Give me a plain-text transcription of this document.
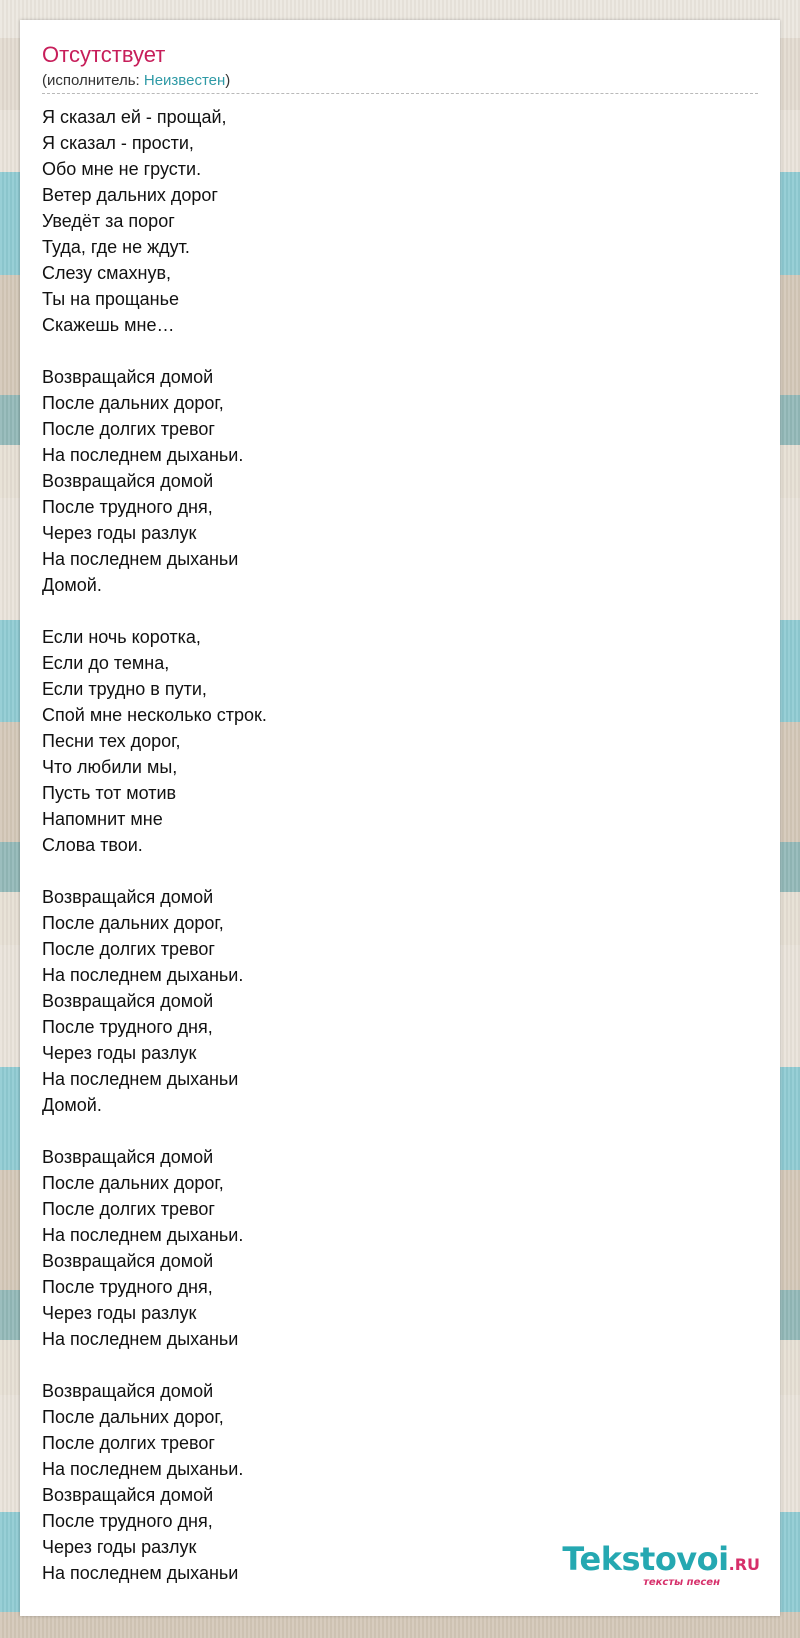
Отсутствует
(исполнитель: Неизвестен)
Я сказал ей - прощай,
Я сказал - прости,
Обо мне не грусти.
Ветер дальних дорог
Уведёт за порог
Туда, где не ждут.
Слезу смахнув,
Ты на прощанье
Скажешь мне…
Возвращайся домой
После дальних дорог,
После долгих тревог
На последнем дыханьи.
Возвращайся домой
После трудного дня,
Через годы разлук
На последнем дыханьи
Домой.
Если ночь коротка,
Если до темна,
Если трудно в пути,
Спой мне несколько строк.
Песни тех дорог,
Что любили мы,
Пусть тот мотив
Напомнит мне
Слова твои.
Возвращайся домой
После дальних дорог,
После долгих тревог
На последнем дыханьи.
Возвращайся домой
После трудного дня,
Через годы разлук
На последнем дыханьи
Домой.
Возвращайся домой
После дальних дорог,
После долгих тревог
На последнем дыханьи.
Возвращайся домой
После трудного дня,
Через годы разлук
На последнем дыханьи
Возвращайся домой
После дальних дорог,
После долгих тревог
На последнем дыханьи.
Возвращайся домой
После трудного дня,
Через годы разлук
На последнем дыханьи	Tekstovoi.RU
тексты песен
